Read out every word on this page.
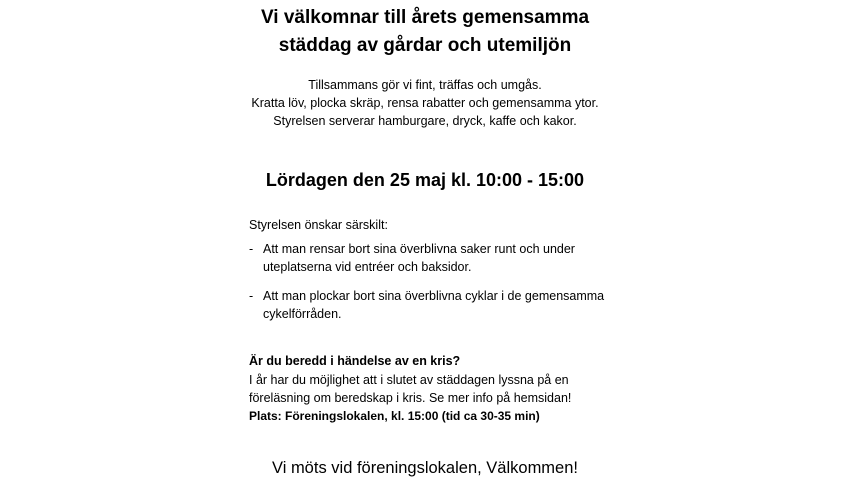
Vi välkomnar till årets gemensamma
städdag av gårdar och utemiljön
Tillsammans gör vi fint, träffas och umgås.
Kratta löv, plocka skräp, rensa rabatter och gemensamma ytor.
Styrelsen serverar hamburgare, dryck, kaffe och kakor.
Lördagen den 25 maj kl. 10:00 - 15:00
Styrelsen önskar särskilt:
- Att man rensar bort sina överblivna saker runt och under
uteplatserna vid entréer och baksidor.
- Att man plockar bort sina överblivna cyklar i de gemensamma
cykelförråden.
Är du beredd i händelse av en kris?
I år har du möjlighet att i slutet av städdagen lyssna på en
föreläsning om beredskap i kris. Se mer info på hemsidan!
Plats: Föreningslokalen, kl. 15:00 (tid ca 30-35 min)
Vi möts vid föreningslokalen, Välkommen!
